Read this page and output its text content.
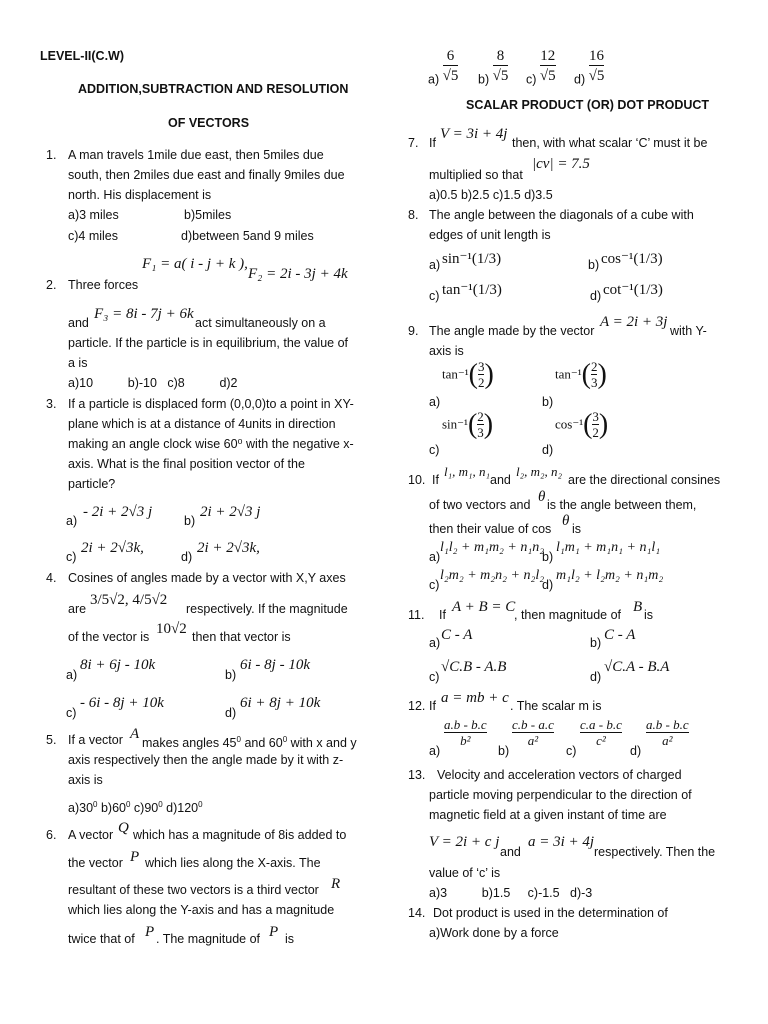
LEVEL-II(C.W)
ADDITION,SUBTRACTION AND RESOLUTION
OF VECTORS
1. A man travels 1mile due east, then 5miles due
south, then 2miles due east and finally 9miles due
north. His displacement is
a)3 miles	b)5miles
c)4 miles	d)between 5and 9 miles
F₁ = a( i - j + k ),
F₂ = 2i - 3j + 4k
2. Three forces
and
F₃ = 8i - 7j + 6k
act simultaneously on a
particle. If the particle is in equilibrium, the value of
a is
a)10          b)-10   c)8          d)2
3. If a particle is displaced form (0,0,0)to a point in XY-
plane which is at a distance of 4units in direction
making an angle clock wise 60⁰ with the negative x-
axis. What is the final position vector of the
particle?
a)
- 2i + 2√3 j
b)
2i + 2√3 j
c)
2i + 2√3k,
d)
2i + 2√3k,
4. Cosines of angles made by a vector with X,Y axes
are
3/5√2, 4/5√2
respectively. If the magnitude
of the vector is 10√2 then that vector is
a)
8i + 6j - 10k
b)
6i - 8j - 10k
c)
- 6i - 8j + 10k
d)
6i + 8j + 10k
5. If a vector A
makes angles $45^0$ and $60^0$ with x and y
axis respectively then the angle made by it with z-
axis is
$a)30^0$ $b)60^0$ $c)90^0$ $d)120^0$
6. A vector Q which has a magnitude of 8is added to
the vector P which lies along the X-axis. The
resultant of these two vectors is a third vector R
which lies along the Y-axis and has a magnitude
twice that of P . The magnitude of P is
$a) \frac{6}{√5} b) \frac{8}{√5} c) \frac{12}{√5} d) \frac{16}{√5}$
SCALAR PRODUCT (OR) DOT PRODUCT
7. If
V = 3i + 4j
then, with what scalar ‘C’ must it be
multiplied so that
|cv| = 7.5
a)0.5 b)2.5 c)1.5 d)3.5
8. The angle between the diagonals of a cube with
edges of unit length is
a) sin⁻¹(1/3)	b) cos⁻¹(1/3)
c) tan⁻¹(1/3)	d) cot⁻¹(1/3)
9. The angle made by the vector
A = 2i + 3j
with Y-
axis is
a)
$\tan^{-1}( \frac{3}{2}$ )
b)
$\tan^{-1}( \frac{2}{3}$ )
c)
$\sin^{-1}( \frac{2}{3}$ )
d)
$\cos^{-1}( \frac{3}{2}$ )
10. If
l₁, m₁, n₁
and
l₂, m₂, n₂
are the directional consines
of two vectors and θ is the angle between them,
then their value of cos θ is
a)
l₁l₂ + m₁m₂ + n₁n₂
b)
l₁m₁ + m₁n₁ + n₁l₁
c)
l₂m₂ + m₂n₂ + n₂l₂
d)
m₁l₂ + l₂m₂ + n₁m₂
11. If A + B = C
, then magnitude of B is
a) C - A	b) C - A
c)
√C.B - A.B
d)
√C.A - B.A
12. If a = mb + c . The scalar m is
a)
$\frac{a.b - b.c}{\text{b²}}$
b)
$\frac{c.b - a.c}{\text{a²}}$
c)
$\frac{c.a - b.c}{\text{c²}}$
d)
$\frac{a.b - b.c}{\text{a²}}$
13. Velocity and acceleration vectors of charged
particle moving perpendicular to the direction of
magnetic field at a given instant of time are
V = 2i + c j
and
a = 3i + 4j
respectively. Then the
value of ‘c’ is
a)3          b)1.5     c)-1.5   d)-3
14. Dot product is used in the determination of
a)Work done by a force
